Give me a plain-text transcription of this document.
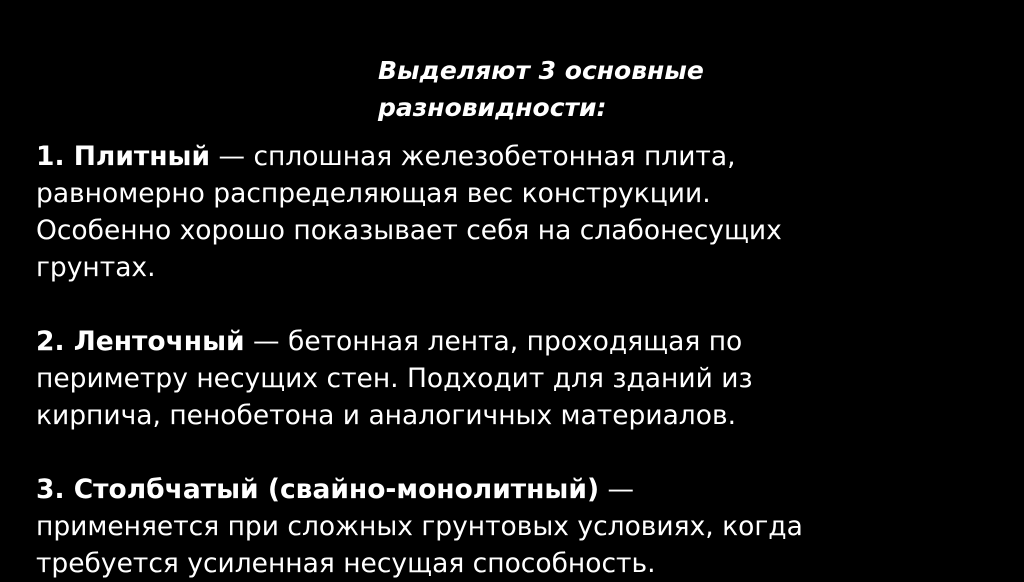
Выделяют 3 основные
разновидности:
1. Плитный — сплошная железобетонная плита,
равномерно распределяющая вес конструкции.
Особенно хорошо показывает себя на слабонесущих
грунтах.
2. Ленточный — бетонная лента, проходящая по
периметру несущих стен. Подходит для зданий из
кирпича, пенобетона и аналогичных материалов.
3. Столбчатый (свайно-монолитный) —
применяется при сложных грунтовых условиях, когда
требуется усиленная несущая способность.
